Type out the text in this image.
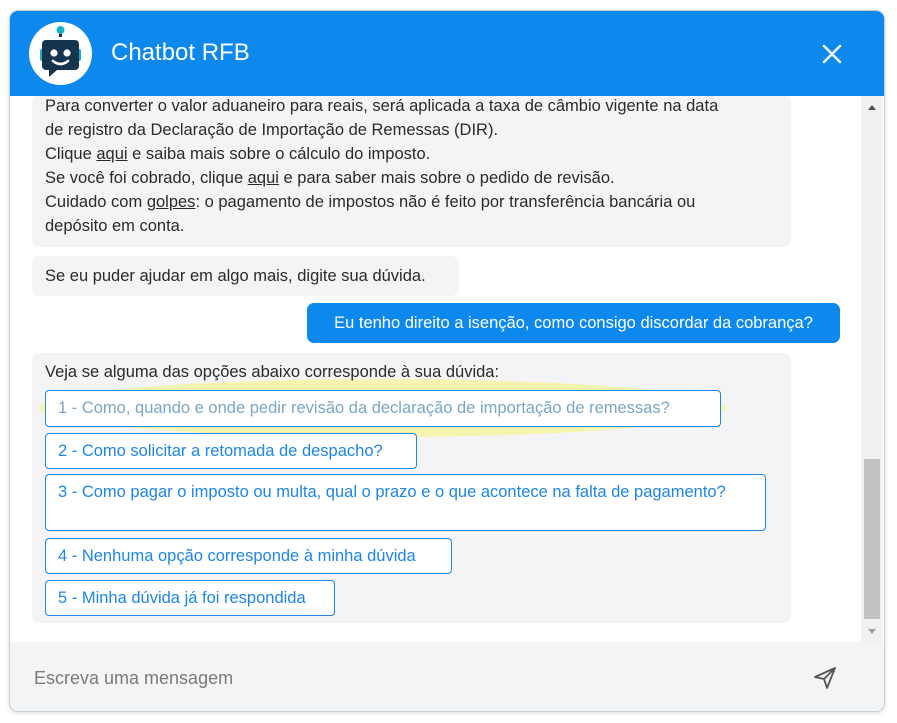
Chatbot RFB
Para converter o valor aduaneiro para reais, será aplicada a taxa de câmbio vigente na data
de registro da Declaração de Importação de Remessas (DIR).
Clique aqui e saiba mais sobre o cálculo do imposto.
Se você foi cobrado, clique aqui e para saber mais sobre o pedido de revisão.
Cuidado com golpes: o pagamento de impostos não é feito por transferência bancária ou
depósito em conta.
Se eu puder ajudar em algo mais, digite sua dúvida.
Eu tenho direito a isenção, como consigo discordar da cobrança?
Veja se alguma das opções abaixo corresponde à sua dúvida:
1 - Como, quando e onde pedir revisão da declaração de importação de remessas?
2 - Como solicitar a retomada de despacho?
3 - Como pagar o imposto ou multa, qual o prazo e o que acontece na falta de pagamento?
4 - Nenhuma opção corresponde à minha dúvida
5 - Minha dúvida já foi respondida
Escreva uma mensagem
